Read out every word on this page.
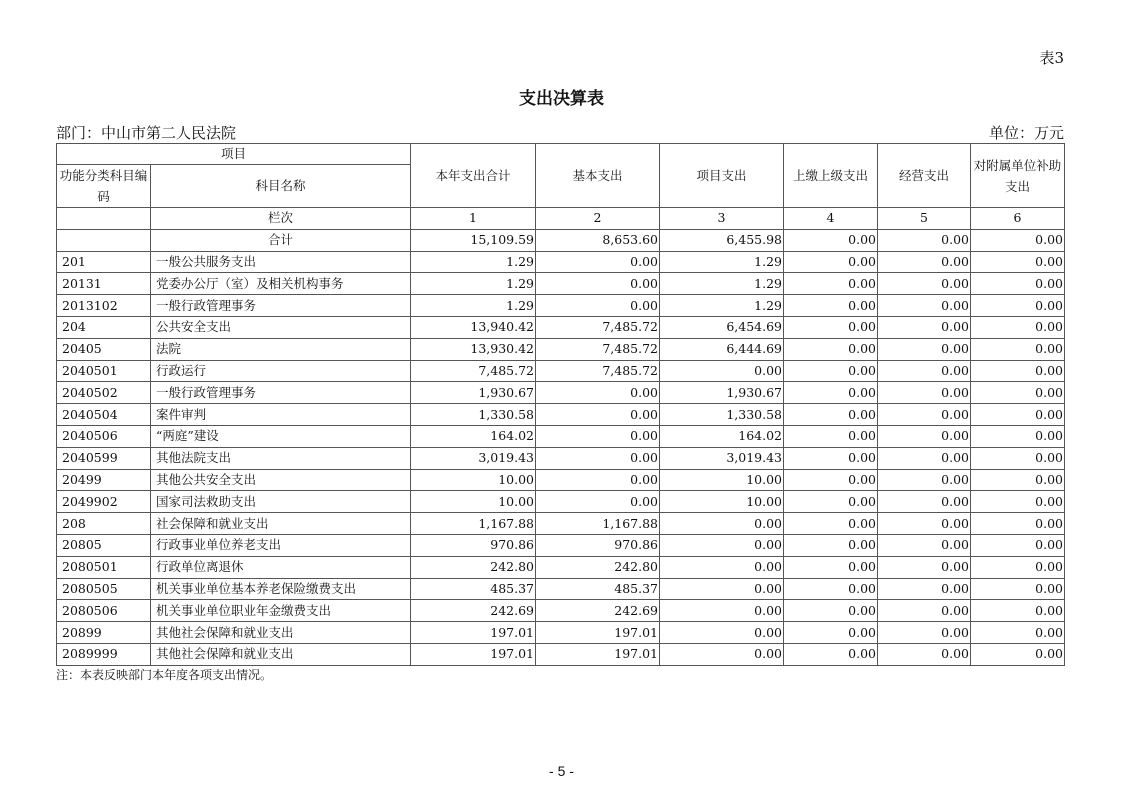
表3
支出决算表
部门：中山市第二人民法院	单位：万元
项目		本年支出合计	基本支出	项目支出	上缴上级支出	经营支出	对附属单位补助支出
功能分类科目编码	科目名称						
	栏次	1	2	3	4	5	6
	合计	15,109.59	8,653.60	6,455.98	0.00	0.00	0.00
201	一般公共服务支出	1.29	0.00	1.29	0.00	0.00	0.00
20131	党委办公厅（室）及相关机构事务	1.29	0.00	1.29	0.00	0.00	0.00
2013102	一般行政管理事务	1.29	0.00	1.29	0.00	0.00	0.00
204	公共安全支出	13,940.42	7,485.72	6,454.69	0.00	0.00	0.00
20405	法院	13,930.42	7,485.72	6,444.69	0.00	0.00	0.00
2040501	行政运行	7,485.72	7,485.72	0.00	0.00	0.00	0.00
2040502	一般行政管理事务	1,930.67	0.00	1,930.67	0.00	0.00	0.00
2040504	案件审判	1,330.58	0.00	1,330.58	0.00	0.00	0.00
2040506	“两庭”建设	164.02	0.00	164.02	0.00	0.00	0.00
2040599	其他法院支出	3,019.43	0.00	3,019.43	0.00	0.00	0.00
20499	其他公共安全支出	10.00	0.00	10.00	0.00	0.00	0.00
2049902	国家司法救助支出	10.00	0.00	10.00	0.00	0.00	0.00
208	社会保障和就业支出	1,167.88	1,167.88	0.00	0.00	0.00	0.00
20805	行政事业单位养老支出	970.86	970.86	0.00	0.00	0.00	0.00
2080501	行政单位离退休	242.80	242.80	0.00	0.00	0.00	0.00
2080505	机关事业单位基本养老保险缴费支出	485.37	485.37	0.00	0.00	0.00	0.00
2080506	机关事业单位职业年金缴费支出	242.69	242.69	0.00	0.00	0.00	0.00
20899	其他社会保障和就业支出	197.01	197.01	0.00	0.00	0.00	0.00
2089999	其他社会保障和就业支出	197.01	197.01	0.00	0.00	0.00	0.00
注：本表反映部门本年度各项支出情况。
- 5 -
